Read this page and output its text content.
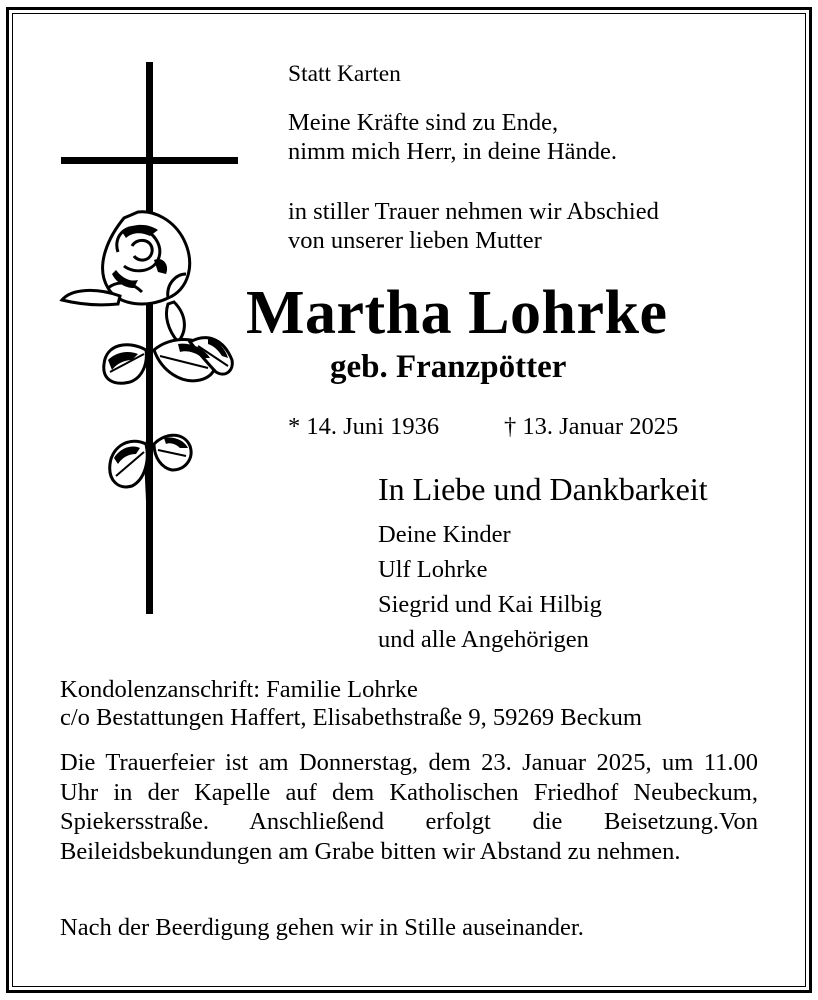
Statt Karten
Meine Kräfte sind zu Ende,
nimm mich Herr, in deine Hände.
in stiller Trauer nehmen wir Abschied
von unserer lieben Mutter
Martha Lohrke
geb. Franzpötter
* 14. Juni 1936	† 13. Januar 2025
In Liebe und Dankbarkeit
Deine Kinder
Ulf Lohrke
Siegrid und Kai Hilbig
und alle Angehörigen
Kondolenzanschrift: Familie Lohrke
c/o Bestattungen Haffert, Elisabethstraße 9, 59269 Beckum
Die Trauerfeier ist am Donnerstag, dem 23. Januar 2025, um 11.00 Uhr in der Kapelle auf dem Katholischen Friedhof Neubeckum, Spiekersstraße. Anschließend erfolgt die Beisetzung.Von Beileidsbekundungen am Grabe bitten wir Abstand zu nehmen.
Nach der Beerdigung gehen wir in Stille auseinander.
